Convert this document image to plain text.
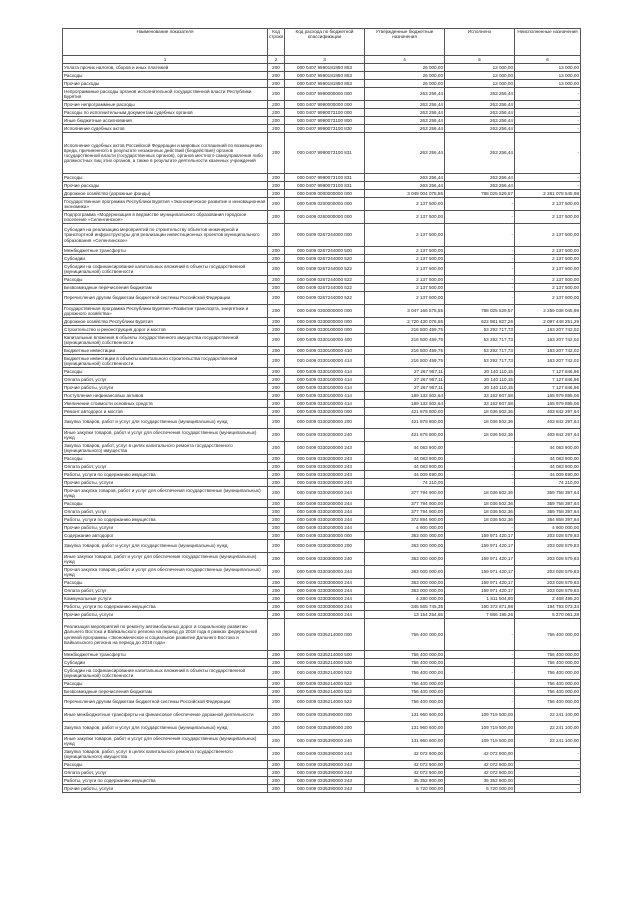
Наименование показателя	Код строки	Код расхода по бюджетной классификации	Утвержденные бюджетные назначения	Исполнено	Неисполненные назначения
1	2	3	4	5	6
Уплата прочих налогов, сборов и иных платежей	200	000 0407 9590181850 853	26 000,00	13 000,00	13 000,00
Расходы	200	000 0407 9590181850 853	26 000,00	13 000,00	13 000,00
Прочие расходы	200	000 0407 9590181850 853	26 000,00	13 000,00	13 000,00
Непрограммные расходы органов исполнительной государственной власти Республики Бурятия	200	000 0407 9990000000 000	263 256,44	263 256,44	-
Прочие непрограммные расходы	200	000 0407 9990000000 000	263 256,44	263 256,44	-
Расходы по исполнительным документам судебных органов	200	000 0407 9990073100 000	263 256,44	263 256,44	-
Иные бюджетные ассигнования	200	000 0407 9990073100 800	263 256,44	263 256,44	-
Исполнение судебных актов	200	000 0407 9990073100 830	263 256,44	263 256,44	-
Исполнение судебных актов Российской Федерации и мировых соглашений по возмещению вреда, причиненного в результате незаконных действий (бездействия) органов государственной власти (государственных органов), органов местного самоуправления либо должностных лиц этих органов, а также в результате деятельности казенных учреждений	200	000 0407 9990073100 831	263 256,44	263 256,44	-
Расходы	200	000 0407 9990073100 831	263 256,44	263 256,44	-
Прочие расходы	200	000 0407 9990073100 831	263 256,44	263 256,44	-
Дорожное хозяйство (дорожные фонды)	200	000 0409 0000000000 000	3 049 004 075,55	788 025 529,57	2 261 078 545,98
Государственная программа Республики Бурятия «Экономическое развитие и инновационная экономика»	200	000 0409 0200000000 000	2 137 500,00	-	2 137 500,00
Подпрограмма «Модернизация в ведомстве муниципального образования городское поселение «Селенгинское»	200	000 0409 0260000000 000	2 137 500,00	-	2 137 500,00
Субсидия на реализацию мероприятий по строительству объектов инженерной и транспортной инфраструктуры для реализации инвестиционных проектов муниципального образования «Селенгинское»	200	000 0409 0267244000 000	2 137 500,00	-	2 137 500,00
Межбюджетные трансферты	200	000 0409 0267244000 500	2 137 500,00	-	2 137 500,00
Субсидии	200	000 0409 0267244000 520	2 137 500,00	-	2 137 500,00
Субсидии на софинансирование капитальных вложений в объекты государственной (муниципальной) собственности	200	000 0409 0267244000 522	2 137 500,00	-	2 137 500,00
Расходы	200	000 0409 0267244000 522	2 137 500,00	-	2 137 500,00
Безвозмездные перечисления бюджетам	200	000 0409 0267244000 522	2 137 500,00	-	2 137 500,00
Перечисления другим бюджетам бюджетной системы Российской Федерации	200	000 0409 0267244000 522	2 137 500,00	-	2 137 500,00
Государственная программа Республики Бурятия «Развитие транспорта, энергетики и дорожного хозяйства»	200	000 0409 0300000000 000	3 047 166 575,55	788 025 529,57	2 259 038 045,98
Дорожное хозяйство Республики Бурятия	200	000 0409 0330000000 000	2 720 430 076,55	622 981 827,26	2 097 448 251,29
Строительство и реконструкция дорог и мостов	200	000 0409 0330100000 000	216 500 459,75	53 292 717,73	163 207 742,02
Капитальные вложения в объекты государственного имущества государственной (муниципальной) собственности	200	000 0409 0330100000 400	216 500 459,75	53 292 717,73	163 207 742,02
Бюджетные инвестиции	200	000 0409 0330100000 410	216 500 459,75	53 292 717,73	163 207 742,02
Бюджетные инвестиции в объекты капитального строительства государственной (муниципальной) собственности	200	000 0409 0330100000 414	216 500 459,75	53 292 717,73	163 207 742,02
Расходы	200	000 0409 0330100000 414	27 267 957,11	20 140 110,15	7 127 846,96
Оплата работ, услуг	200	000 0409 0330100000 414	27 267 957,11	20 140 110,15	7 127 846,96
Прочие работы, услуги	200	000 0409 0330100000 414	27 267 957,11	20 140 110,15	7 127 846,96
Поступление нефинансовых активов	200	000 0409 0330100000 414	189 132 502,64	33 152 607,58	155 979 895,06
Увеличение стоимости основных средств	200	000 0409 0330100000 414	189 132 502,64	33 152 607,58	155 979 895,06
Ремонт автодорог и мостов	200	000 0409 0330200000 000	421 878 800,00	18 036 502,36	403 842 297,64
Закупка товаров, работ и услуг для государственных (муниципальных) нужд	200	000 0409 0330200000 200	421 878 800,00	18 036 502,36	403 842 297,64
Иные закупки товаров, работ и услуг для обеспечения государственных (муниципальных) нужд	200	000 0409 0330200000 240	421 878 800,00	18 036 502,36	403 842 297,64
Закупка товаров, работ, услуг в целях капитального ремонта государственного (муниципального) имущества	200	000 0409 0330200000 243	44 083 900,00	-	44 083 900,00
Расходы	200	000 0409 0330200000 243	44 083 900,00	-	44 083 900,00
Оплата работ, услуг	200	000 0409 0330200000 243	44 083 900,00	-	44 083 900,00
Работы, услуги по содержанию имущества	200	000 0409 0330200000 243	44 009 690,00	-	44 009 690,00
Прочие работы, услуги	200	000 0409 0330200000 243	74 210,00	-	74 210,00
Прочая закупка товаров, работ и услуг для обеспечения государственных (муниципальных) нужд	200	000 0409 0330200000 244	377 794 900,00	18 036 502,36	359 758 397,64
Расходы	200	000 0409 0330200000 244	377 794 900,00	18 036 502,36	359 758 397,64
Оплата работ, услуг	200	000 0409 0330200000 244	377 794 900,00	18 036 502,36	359 758 397,64
Работы, услуги по содержанию имущества	200	000 0409 0330200000 244	372 894 900,00	18 036 502,36	354 858 397,64
Прочие работы, услуги	200	000 0409 0330200000 244	4 900 000,00	-	4 900 000,00
Содержание автодорог	200	000 0409 0330300000 000	363 000 000,00	159 971 420,17	203 028 579,83
Закупка товаров, работ и услуг для государственных (муниципальных) нужд	200	000 0409 0330300000 200	363 000 000,00	159 971 420,17	203 028 579,83
Иные закупки товаров, работ и услуг для обеспечения государственных (муниципальных) нужд	200	000 0409 0330300000 240	363 000 000,00	159 971 420,17	203 028 579,83
Прочая закупка товаров, работ и услуг для обеспечения государственных (муниципальных) нужд	200	000 0409 0330300000 244	363 000 000,00	159 971 420,17	203 028 579,83
Расходы	200	000 0409 0330300000 244	363 000 000,00	159 971 420,17	203 028 579,83
Оплата работ, услуг	200	000 0409 0330300000 244	363 000 000,00	159 971 420,17	203 028 579,83
Коммунальные услуги	200	000 0409 0330300000 244	4 280 000,00	1 811 504,80	2 468 495,20
Работы, услуги по содержанию имущества	200	000 0409 0330300000 244	345 565 745,35	150 372 671,98	194 793 073,34
Прочие работы, услуги	200	000 0409 0330300000 244	13 154 254,65	7 886 195,26	5 270 061,28
Реализация мероприятий по ремонту автомобильных дорог и социальному развитию Дальнего Востока и Байкальского региона на период до 2018 года в рамках федеральной целевой программы «Экономическое и социальное развитие Дальнего Востока и Байкальского региона на период до 2018 года»	200	000 0409 0335214000 000	756 400 000,00	-	756 400 000,00
Межбюджетные трансферты	200	000 0409 0335214000 500	756 400 000,00	-	756 400 000,00
Субсидии	200	000 0409 0335214000 520	756 400 000,00	-	756 400 000,00
Субсидии на софинансирование капитальных вложений в объекты государственной (муниципальной) собственности	200	000 0409 0335214000 522	756 400 000,00	-	756 400 000,00
Расходы	200	000 0409 0335214000 522	756 400 000,00	-	756 400 000,00
Безвозмездные перечисления бюджетам	200	000 0409 0335214000 522	756 400 000,00	-	756 400 000,00
Перечисления другим бюджетам бюджетной системы Российской Федерации	200	000 0409 0335214000 522	756 400 000,00	-	756 400 000,00
Иные межбюджетные трансферты на финансовое обеспечение дорожной деятельности	200	000 0409 0335390000 000	131 960 600,00	109 719 500,00	22 241 100,00
Закупка товаров, работ и услуг для государственных (муниципальных) нужд	200	000 0409 0335390000 200	131 960 600,00	109 719 500,00	22 241 100,00
Иные закупки товаров, работ и услуг для обеспечения государственных (муниципальных) нужд	200	000 0409 0335390000 240	131 960 600,00	109 719 500,00	22 241 100,00
Закупка товаров, работ, услуг в целях капитального ремонта государственного (муниципального) имущества	200	000 0409 0335390000 243	42 072 900,00	42 072 900,00	-
Расходы	200	000 0409 0335390000 243	42 072 900,00	42 072 900,00	-
Оплата работ, услуг	200	000 0409 0335390000 243	42 072 900,00	42 072 900,00	-
Работы, услуги по содержанию имущества	200	000 0409 0335390000 243	35 352 900,00	35 352 900,00	-
Прочие работы, услуги	200	000 0409 0335390000 243	6 720 000,00	6 720 000,00	-
